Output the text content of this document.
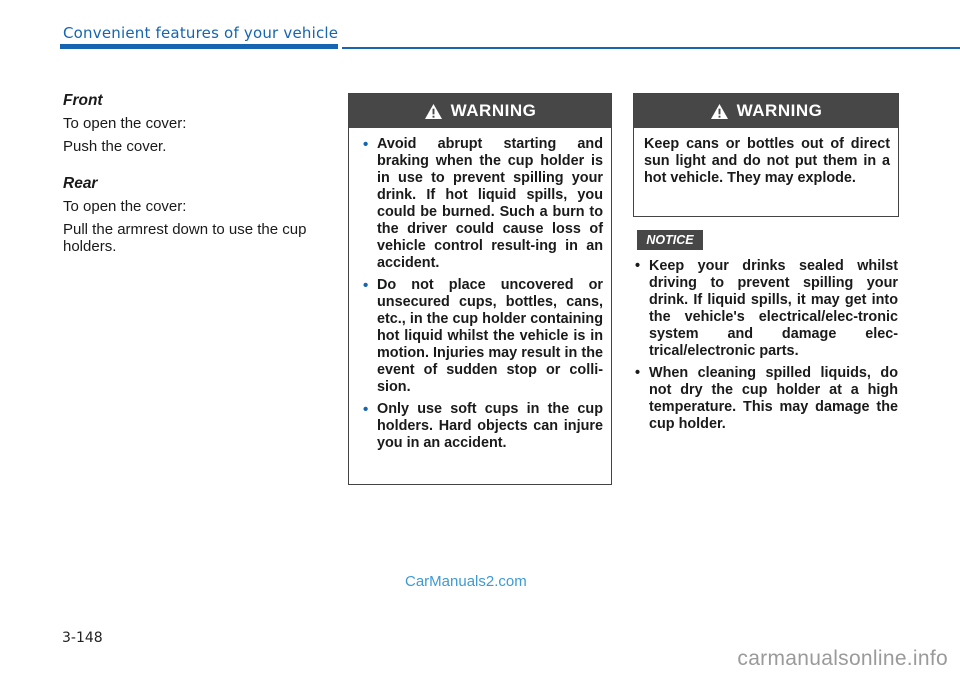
Convenient features of your vehicle
Front

To open the cover:

Push the cover.

Rear

To open the cover:

Pull the armrest down to use the cup holders.

WARNING
• Avoid abrupt starting and braking when the cup holder is in use to prevent spilling your drink. If hot liquid spills, you could be burned. Such a burn to the driver could cause loss of vehicle control result-ing in an accident.
• Do not place uncovered or unsecured cups, bottles, cans, etc., in the cup holder containing hot liquid whilst the vehicle is in motion. Injuries may result in the event of sudden stop or colli-sion.
• Only use soft cups in the cup holders. Hard objects can injure you in an accident.
WARNING
Keep cans or bottles out of direct sun light and do not put them in a hot vehicle. They may explode.
NOTICE
• Keep your drinks sealed whilst driving to prevent spilling your drink. If liquid spills, it may get into the vehicle's electrical/elec-tronic system and damage elec-trical/electronic parts.
• When cleaning spilled liquids, do not dry the cup holder at a high temperature. This may damage the cup holder.
CarManuals2.com
3-148
carmanualsonline.info
